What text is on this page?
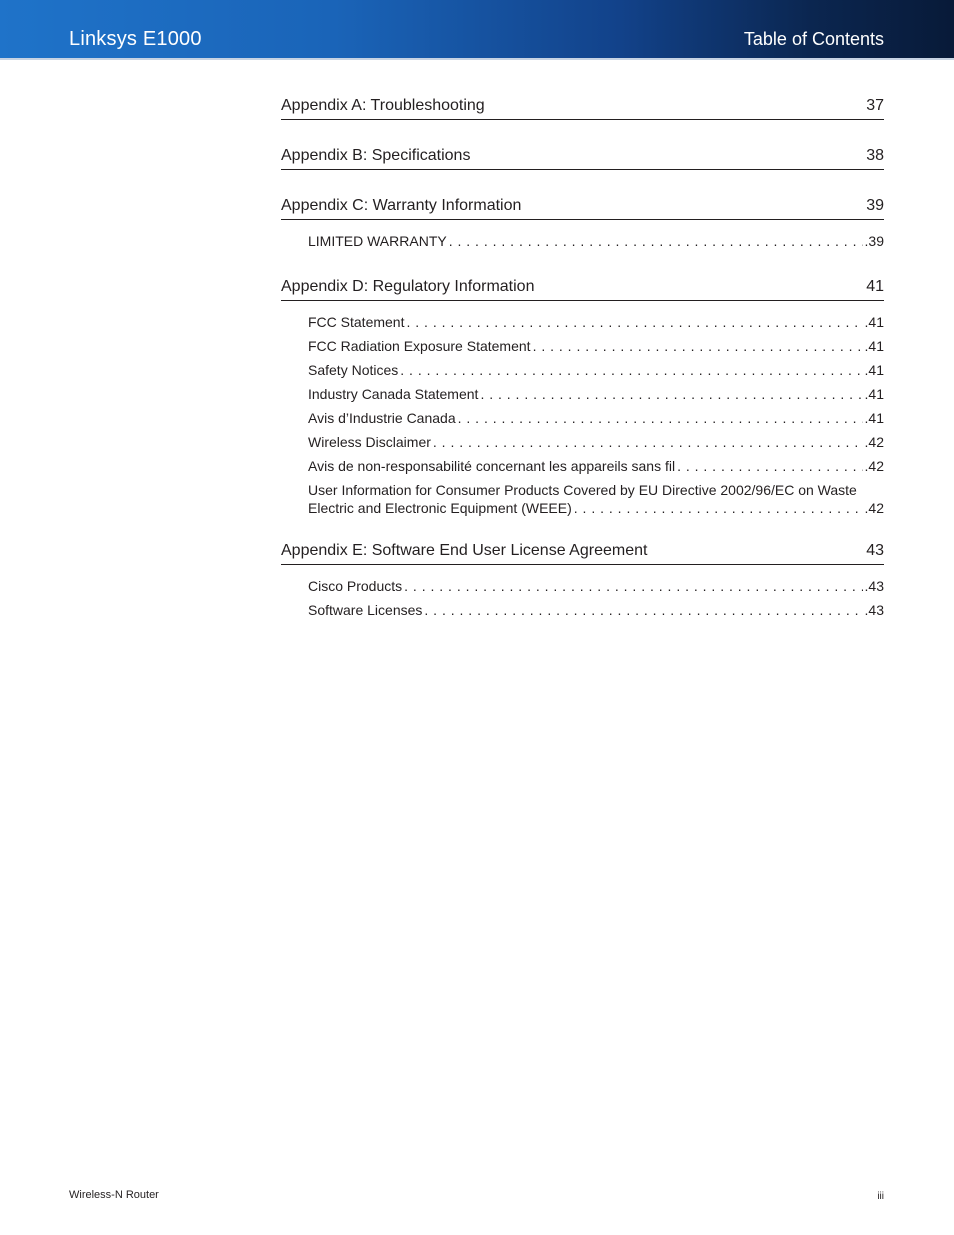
Linksys E1000	Table of Contents
Appendix A: Troubleshooting	37
Appendix B: Specifications	38
Appendix C: Warranty Information	39
LIMITED WARRANTY . . .	.39
Appendix D: Regulatory Information	41
FCC Statement . . .	.41
FCC Radiation Exposure Statement . . .	.41
Safety Notices . . .	.41
Industry Canada Statement . . .	.41
Avis d’Industrie Canada . . .	.41
Wireless Disclaimer . . .	.42
Avis de non-responsabilité concernant les appareils sans fil . . .	.42
User Information for Consumer Products Covered by EU Directive 2002/96/EC on Waste
Electric and Electronic Equipment (WEEE) . . .	.42
Appendix E: Software End User License Agreement	43
Cisco Products . . .	.43
Software Licenses . . .	.43
Wireless-N Router	iii
